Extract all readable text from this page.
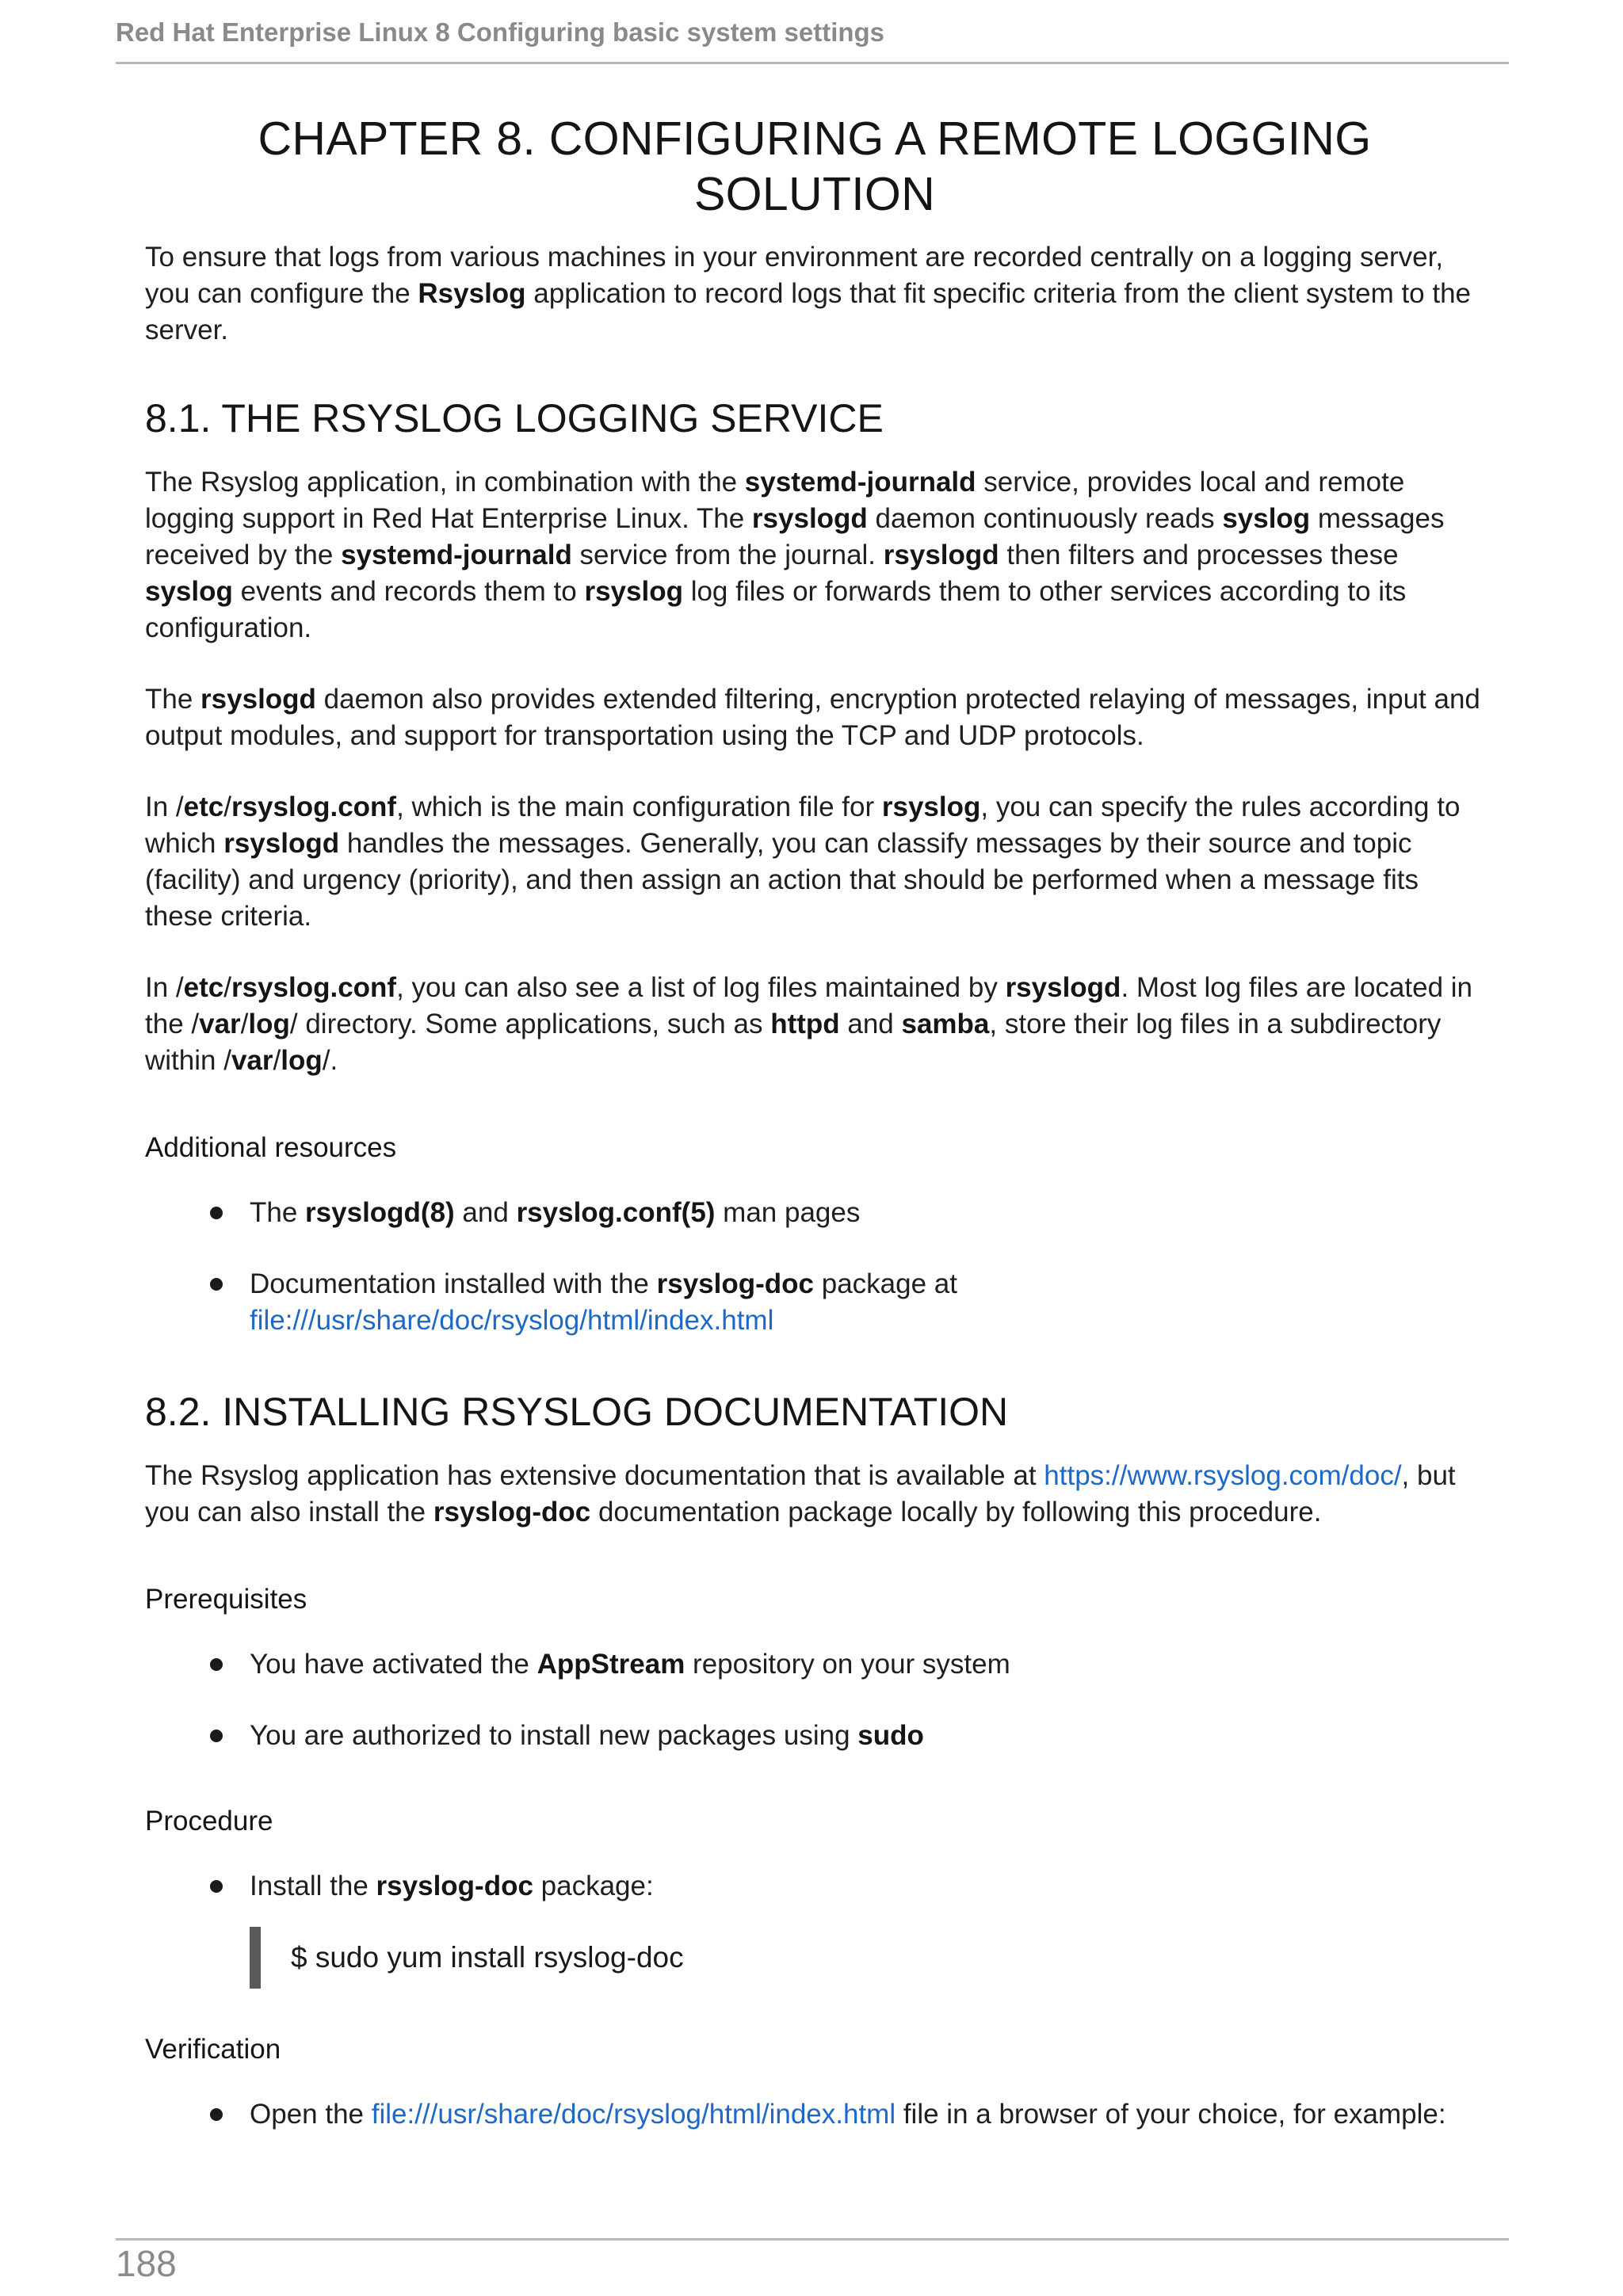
Red Hat Enterprise Linux 8 Configuring basic system settings
CHAPTER 8. CONFIGURING A REMOTE LOGGING SOLUTION

To ensure that logs from various machines in your environment are recorded centrally on a logging server, you can configure the Rsyslog application to record logs that fit specific criteria from the client system to the server.

8.1. THE RSYSLOG LOGGING SERVICE

The Rsyslog application, in combination with the systemd-journald service, provides local and remote logging support in Red Hat Enterprise Linux. The rsyslogd daemon continuously reads syslog messages received by the systemd-journald service from the journal. rsyslogd then filters and processes these syslog events and records them to rsyslog log files or forwards them to other services according to its configuration.

The rsyslogd daemon also provides extended filtering, encryption protected relaying of messages, input and output modules, and support for transportation using the TCP and UDP protocols.

In /etc/rsyslog.conf, which is the main configuration file for rsyslog, you can specify the rules according to which rsyslogd handles the messages. Generally, you can classify messages by their source and topic (facility) and urgency (priority), and then assign an action that should be performed when a message fits these criteria.

In /etc/rsyslog.conf, you can also see a list of log files maintained by rsyslogd. Most log files are located in the /var/log/ directory. Some applications, such as httpd and samba, store their log files in a subdirectory within /var/log/.

Additional resources
The rsyslogd(8) and rsyslog.conf(5) man pages
Documentation installed with the rsyslog-doc package at
file:///usr/share/doc/rsyslog/html/index.html
8.2. INSTALLING RSYSLOG DOCUMENTATION

The Rsyslog application has extensive documentation that is available at https://www.rsyslog.com/doc/, but you can also install the rsyslog-doc documentation package locally by following this procedure.

Prerequisites
You have activated the AppStream repository on your system
You are authorized to install new packages using sudo
Procedure
Install the rsyslog-doc package:
$ sudo yum install rsyslog-doc
Verification
Open the file:///usr/share/doc/rsyslog/html/index.html file in a browser of your choice, for example:
188
